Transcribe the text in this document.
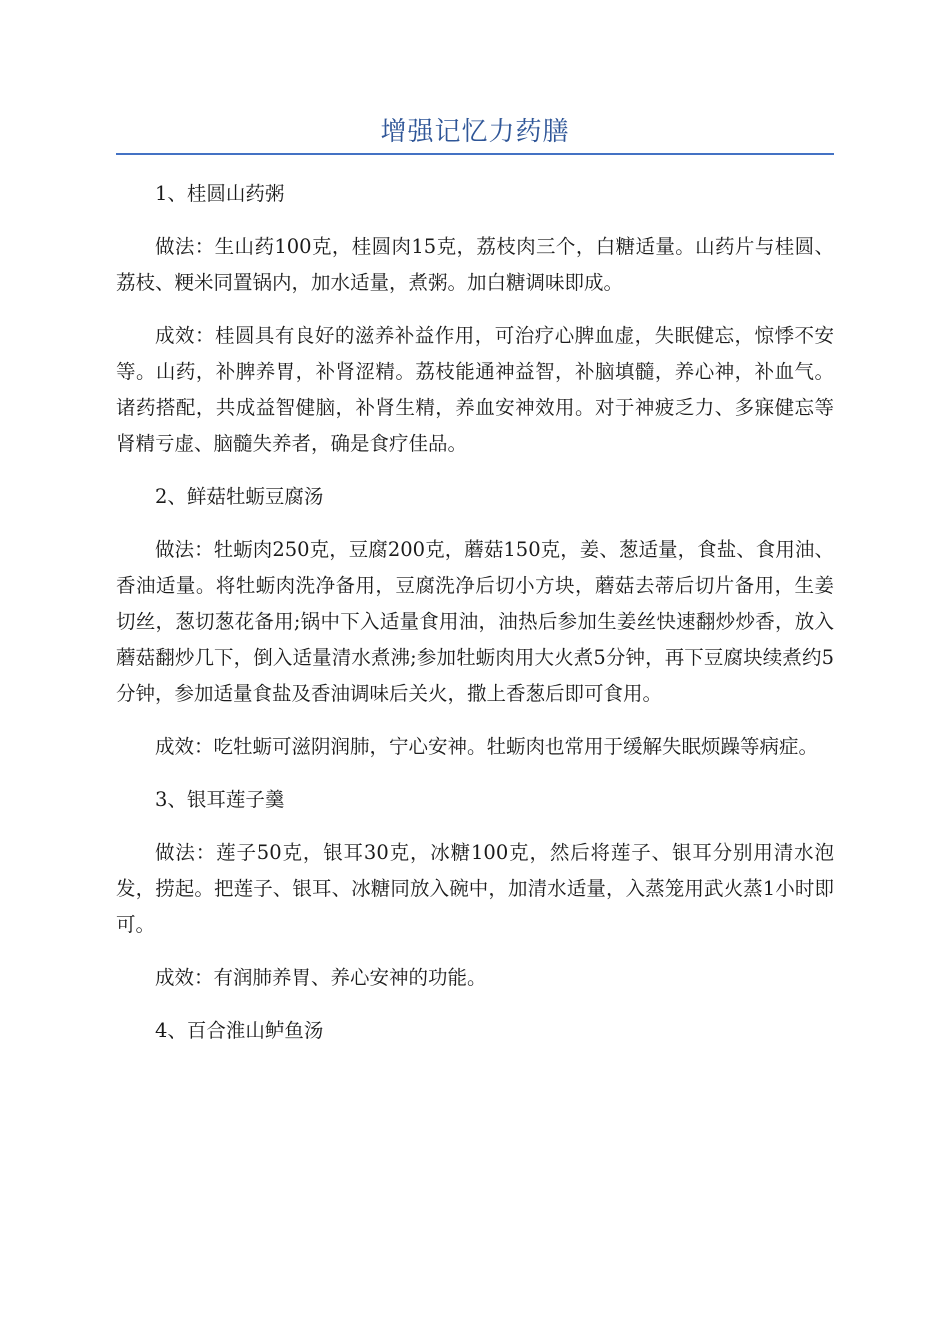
增强记忆力药膳

1、桂圆山药粥

做法：生山药100克，桂圆肉15克，荔枝肉三个，白糖适量。山药片与桂圆、荔枝、粳米同置锅内，加水适量，煮粥。加白糖调味即成。

成效：桂圆具有良好的滋养补益作用，可治疗心脾血虚，失眠健忘，惊悸不安等。山药，补脾养胃，补肾涩精。荔枝能通神益智，补脑填髓，养心神，补血气。诸药搭配，共成益智健脑，补肾生精，养血安神效用。对于神疲乏力、多寐健忘等肾精亏虚、脑髓失养者，确是食疗佳品。

2、鲜菇牡蛎豆腐汤

做法：牡蛎肉250克，豆腐200克，蘑菇150克，姜、葱适量，食盐、食用油、香油适量。将牡蛎肉洗净备用，豆腐洗净后切小方块，蘑菇去蒂后切片备用，生姜切丝，葱切葱花备用;锅中下入适量食用油，油热后参加生姜丝快速翻炒炒香，放入蘑菇翻炒几下，倒入适量清水煮沸;参加牡蛎肉用大火煮5分钟，再下豆腐块续煮约5分钟，参加适量食盐及香油调味后关火，撒上香葱后即可食用。

成效：吃牡蛎可滋阴润肺，宁心安神。牡蛎肉也常用于缓解失眠烦躁等病症。

3、银耳莲子羹

做法：莲子50克，银耳30克，冰糖100克，然后将莲子、银耳分别用清水泡发，捞起。把莲子、银耳、冰糖同放入碗中，加清水适量，入蒸笼用武火蒸1小时即可。

成效：有润肺养胃、养心安神的功能。

4、百合淮山鲈鱼汤
